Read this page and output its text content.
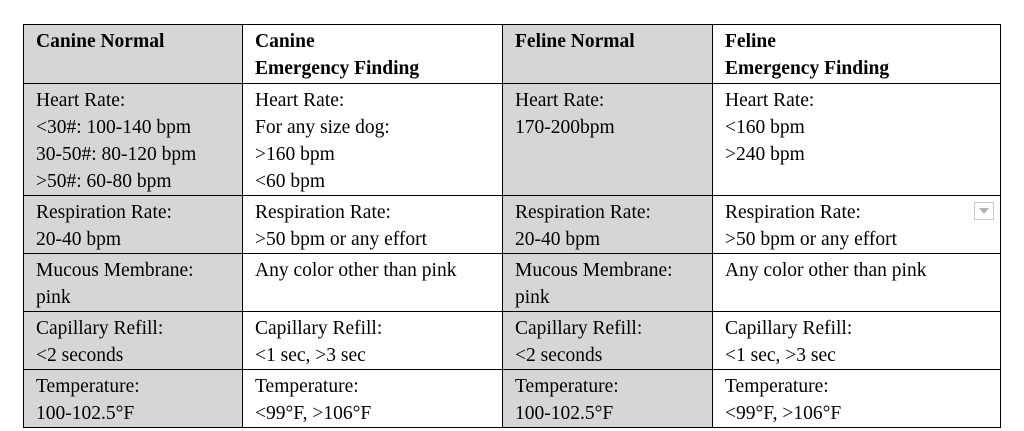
Canine Normal	Canine
Emergency Finding	Feline Normal	Feline
Emergency Finding

Heart Rate:
<30#: 100-140 bpm
30-50#: 80-120 bpm
>50#: 60-80 bpm	Heart Rate:
For any size dog:
>160 bpm
<60 bpm	Heart Rate:
170-200bpm	Heart Rate:
<160 bpm
>240 bpm

Respiration Rate:
20-40 bpm	Respiration Rate:
>50 bpm or any effort	Respiration Rate:
20-40 bpm	Respiration Rate:
>50 bpm or any effort

Mucous Membrane:
pink	Any color other than pink	Mucous Membrane:
pink	Any color other than pink

Capillary Refill:
<2 seconds	Capillary Refill:
<1 sec, >3 sec	Capillary Refill:
<2 seconds	Capillary Refill:
<1 sec, >3 sec

Temperature:
100-102.5°F	Temperature:
<99°F, >106°F	Temperature:
100-102.5°F	Temperature:
<99°F, >106°F
